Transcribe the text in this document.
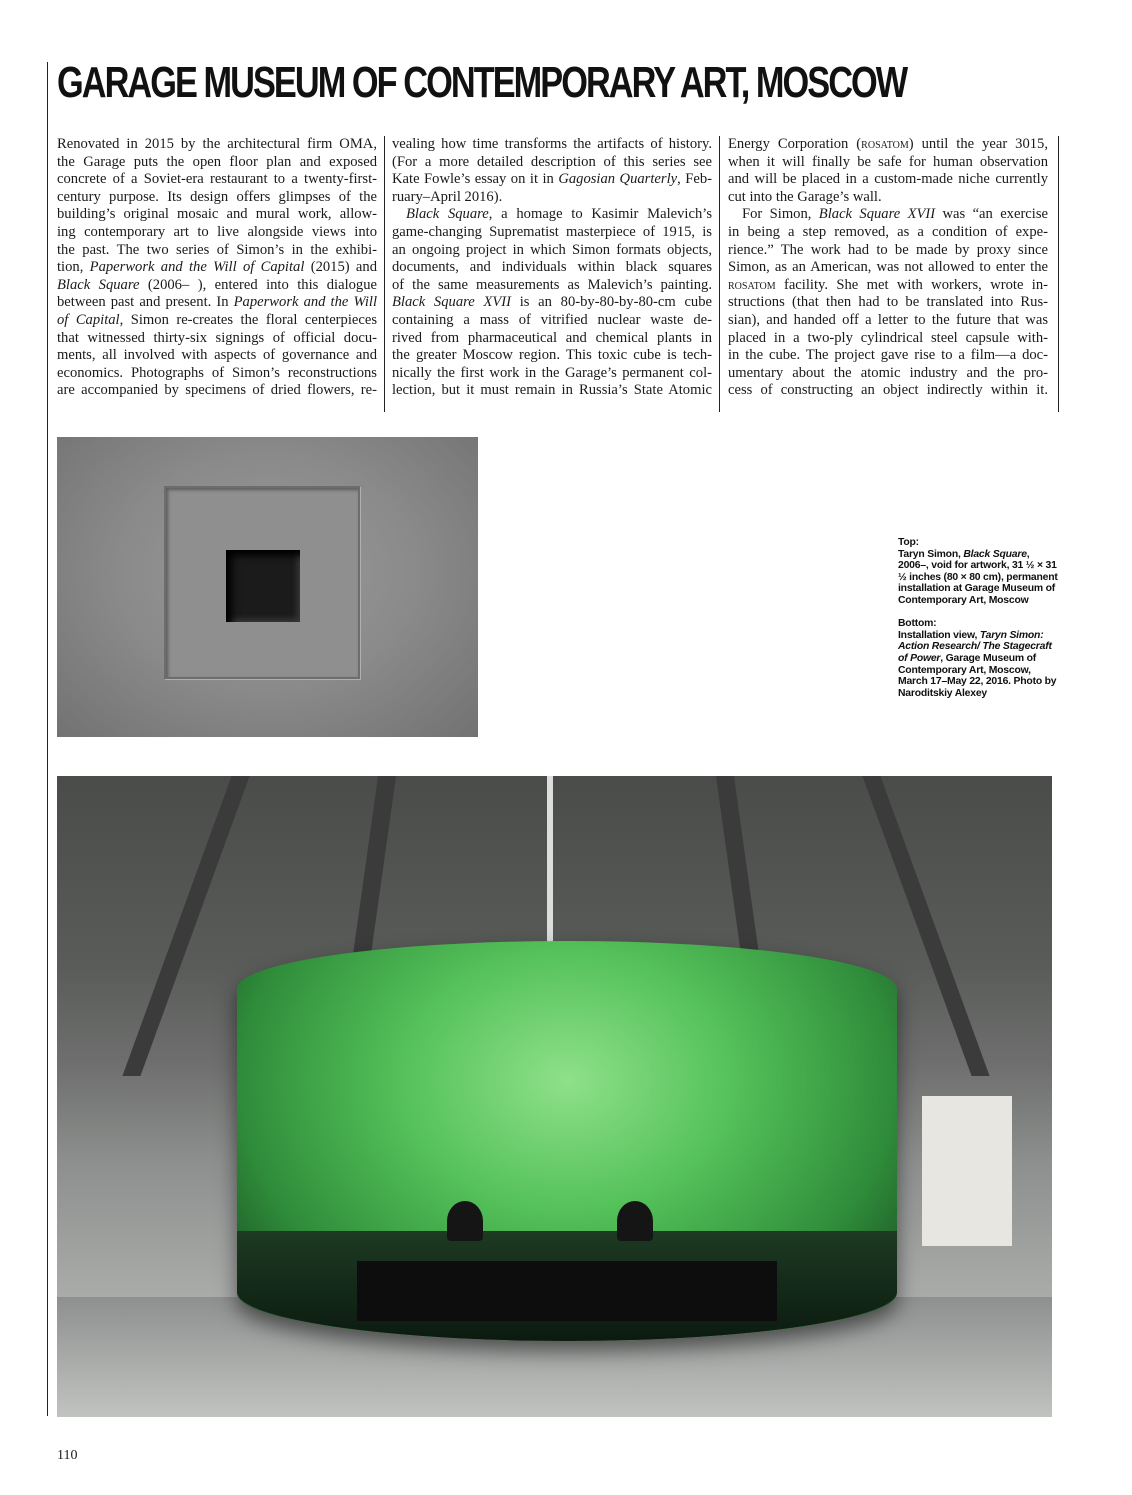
GARAGE MUSEUM OF CONTEMPORARY ART, MOSCOW
Renovated in 2015 by the architectural firm OMA,
the Garage puts the open floor plan and exposed
concrete of a Soviet-era restaurant to a twenty-first-
century purpose. Its design offers glimpses of the
building’s original mosaic and mural work, allow-
ing contemporary art to live alongside views into
the past. The two series of Simon’s in the exhibi-
tion, Paperwork and the Will of Capital (2015) and
Black Square (2006– ), entered into this dialogue
between past and present. In Paperwork and the Will
of Capital, Simon re-creates the floral centerpieces
that witnessed thirty-six signings of official docu-
ments, all involved with aspects of governance and
economics. Photographs of Simon’s reconstructions
are accompanied by specimens of dried flowers, re-
vealing how time transforms the artifacts of history.
(For a more detailed description of this series see
Kate Fowle’s essay on it in Gagosian Quarterly, Feb-
ruary–April 2016).
Black Square, a homage to Kasimir Malevich’s
game-changing Suprematist masterpiece of 1915, is
an ongoing project in which Simon formats objects,
documents, and individuals within black squares
of the same measurements as Malevich’s painting.
Black Square XVII is an 80-by-80-by-80-cm cube
containing a mass of vitrified nuclear waste de-
rived from pharmaceutical and chemical plants in
the greater Moscow region. This toxic cube is tech-
nically the first work in the Garage’s permanent col-
lection, but it must remain in Russia’s State Atomic
Energy Corporation (rosatom) until the year 3015,
when it will finally be safe for human observation
and will be placed in a custom-made niche currently
cut into the Garage’s wall.
For Simon, Black Square XVII was “an exercise
in being a step removed, as a condition of expe-
rience.” The work had to be made by proxy since
Simon, as an American, was not allowed to enter the
rosatom facility. She met with workers, wrote in-
structions (that then had to be translated into Rus-
sian), and handed off a letter to the future that was
placed in a two-ply cylindrical steel capsule with-
in the cube. The project gave rise to a film—a doc-
umentary about the atomic industry and the pro-
cess of constructing an object indirectly within it.

Top:
Taryn Simon, Black Square, 2006–, void for artwork, 31 ½ × 31 ½ inches (80 × 80 cm), permanent installation at Garage Museum of Contemporary Art, Moscow

Bottom:
Installation view, Taryn Simon: Action Research/ The Stagecraft of Power, Garage Museum of Contemporary Art, Moscow, March 17–May 22, 2016. Photo by Naroditskiy Alexey

110
